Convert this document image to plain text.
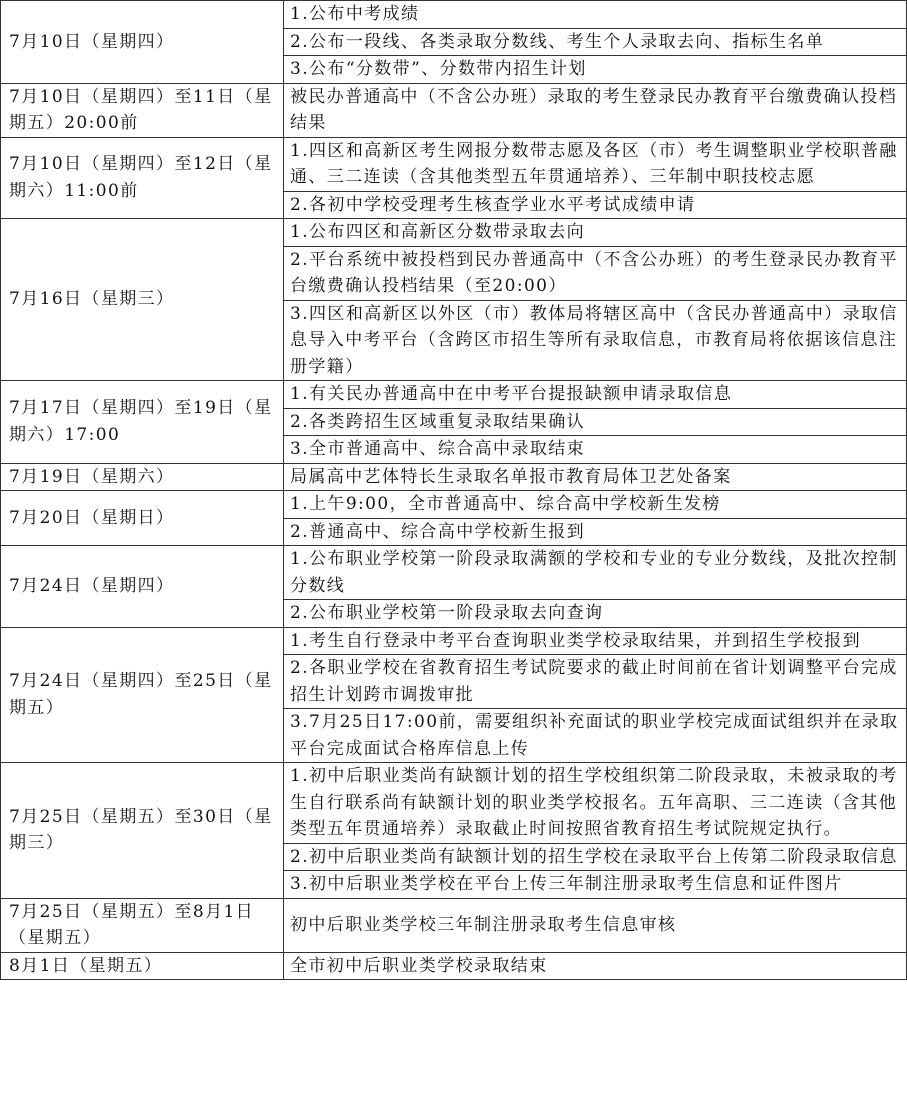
7月10日（星期四）	1.公布中考成绩
	2.公布一段线、各类录取分数线、考生个人录取去向、指标生名单
	3.公布“分数带”、分数带内招生计划
7月10日（星期四）至11日（星期五）20:00前	被民办普通高中（不含公办班）录取的考生登录民办教育平台缴费确认投档结果
7月10日（星期四）至12日（星期六）11:00前	1.四区和高新区考生网报分数带志愿及各区（市）考生调整职业学校职普融通、三二连读（含其他类型五年贯通培养）、三年制中职技校志愿
	2.各初中学校受理考生核查学业水平考试成绩申请
7月16日（星期三）	1.公布四区和高新区分数带录取去向
	2.平台系统中被投档到民办普通高中（不含公办班）的考生登录民办教育平台缴费确认投档结果（至20:00）
	3.四区和高新区以外区（市）教体局将辖区高中（含民办普通高中）录取信息导入中考平台（含跨区市招生等所有录取信息，市教育局将依据该信息注册学籍）
7月17日（星期四）至19日（星期六）17:00	1.有关民办普通高中在中考平台提报缺额申请录取信息
	2.各类跨招生区域重复录取结果确认
	3.全市普通高中、综合高中录取结束
7月19日（星期六）	局属高中艺体特长生录取名单报市教育局体卫艺处备案
7月20日（星期日）	1.上午9:00，全市普通高中、综合高中学校新生发榜
	2.普通高中、综合高中学校新生报到
7月24日（星期四）	1.公布职业学校第一阶段录取满额的学校和专业的专业分数线，及批次控制分数线
	2.公布职业学校第一阶段录取去向查询
7月24日（星期四）至25日（星期五）	1.考生自行登录中考平台查询职业类学校录取结果，并到招生学校报到
	2.各职业学校在省教育招生考试院要求的截止时间前在省计划调整平台完成招生计划跨市调拨审批
	3.7月25日17:00前，需要组织补充面试的职业学校完成面试组织并在录取平台完成面试合格库信息上传
7月25日（星期五）至30日（星期三）	1.初中后职业类尚有缺额计划的招生学校组织第二阶段录取，未被录取的考生自行联系尚有缺额计划的职业类学校报名。五年高职、三二连读（含其他类型五年贯通培养）录取截止时间按照省教育招生考试院规定执行。
	2.初中后职业类尚有缺额计划的招生学校在录取平台上传第二阶段录取信息
	3.初中后职业类学校在平台上传三年制注册录取考生信息和证件图片
7月25日（星期五）至8月1日（星期五）	初中后职业类学校三年制注册录取考生信息审核
8月1日（星期五）	全市初中后职业类学校录取结束
